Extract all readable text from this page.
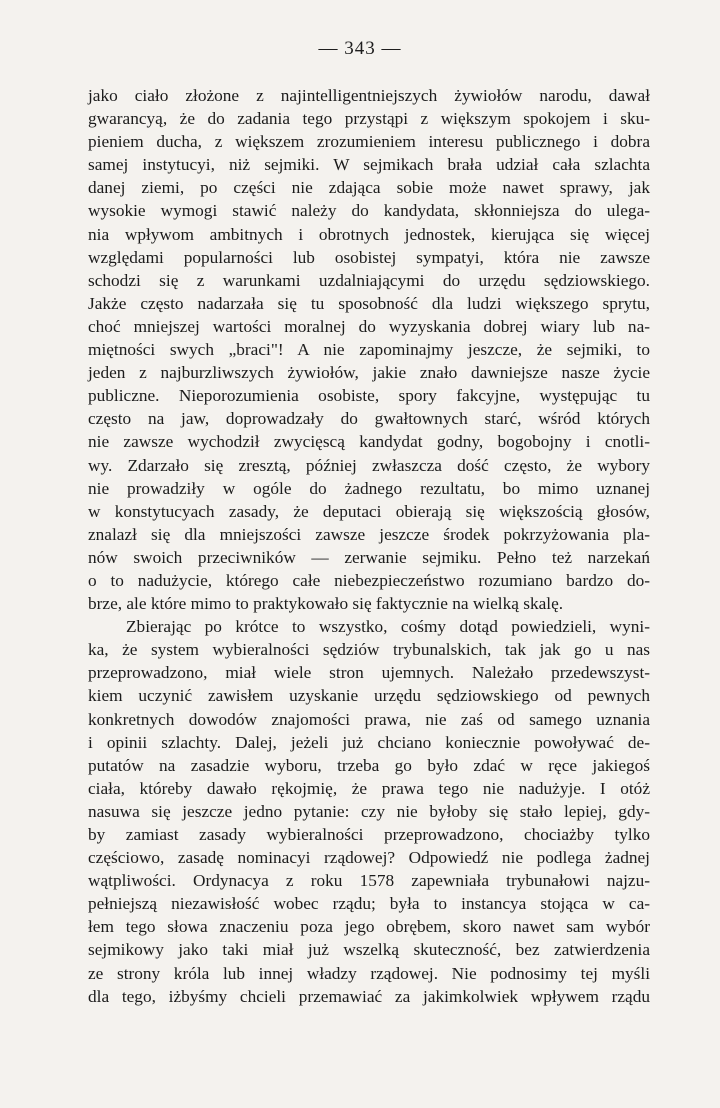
— 343 —
jako ciało złożone z najintelligentniejszych żywiołów narodu, dawał
gwarancyą, że do zadania tego przystąpi z większym spokojem i sku-
pieniem ducha, z większem zrozumieniem interesu publicznego i dobra
samej instytucyi, niż sejmiki. W sejmikach brała udział cała szlachta
danej ziemi, po części nie zdająca sobie może nawet sprawy, jak
wysokie wymogi stawić należy do kandydata, skłonniejsza do ulega-
nia wpływom ambitnych i obrotnych jednostek, kierująca się więcej
względami popularności lub osobistej sympatyi, która nie zawsze
schodzi się z warunkami uzdalniającymi do urzędu sędziowskiego.
Jakże często nadarzała się tu sposobność dla ludzi większego sprytu,
choć mniejszej wartości moralnej do wyzyskania dobrej wiary lub na-
miętności swych „braci"! A nie zapominajmy jeszcze, że sejmiki, to
jeden z najburzliwszych żywiołów, jakie znało dawniejsze nasze życie
publiczne. Nieporozumienia osobiste, spory fakcyjne, występując tu
często na jaw, doprowadzały do gwałtownych starć, wśród których
nie zawsze wychodził zwycięscą kandydat godny, bogobojny i cnotli-
wy. Zdarzało się zresztą, później zwłaszcza dość często, że wybory
nie prowadziły w ogóle do żadnego rezultatu, bo mimo uznanej
w konstytucyach zasady, że deputaci obierają się większością głosów,
znalazł się dla mniejszości zawsze jeszcze środek pokrzyżowania pla-
nów swoich przeciwników — zerwanie sejmiku. Pełno też narzekań
o to nadużycie, którego całe niebezpieczeństwo rozumiano bardzo do-
brze, ale które mimo to praktykowało się faktycznie na wielką skalę.
Zbierając po krótce to wszystko, cośmy dotąd powiedzieli, wyni-
ka, że system wybieralności sędziów trybunalskich, tak jak go u nas
przeprowadzono, miał wiele stron ujemnych. Należało przedewszyst-
kiem uczynić zawisłem uzyskanie urzędu sędziowskiego od pewnych
konkretnych dowodów znajomości prawa, nie zaś od samego uznania
i opinii szlachty. Dalej, jeżeli już chciano koniecznie powoływać de-
putatów na zasadzie wyboru, trzeba go było zdać w ręce jakiegoś
ciała, któreby dawało rękojmię, że prawa tego nie nadużyje. I otóż
nasuwa się jeszcze jedno pytanie: czy nie byłoby się stało lepiej, gdy-
by zamiast zasady wybieralności przeprowadzono, chociażby tylko
częściowo, zasadę nominacyi rządowej? Odpowiedź nie podlega żadnej
wątpliwości. Ordynacya z roku 1578 zapewniała trybunałowi najzu-
pełniejszą niezawisłość wobec rządu; była to instancya stojąca w ca-
łem tego słowa znaczeniu poza jego obrębem, skoro nawet sam wybór
sejmikowy jako taki miał już wszelką skuteczność, bez zatwierdzenia
ze strony króla lub innej władzy rządowej. Nie podnosimy tej myśli
dla tego, iżbyśmy chcieli przemawiać za jakimkolwiek wpływem rządu
